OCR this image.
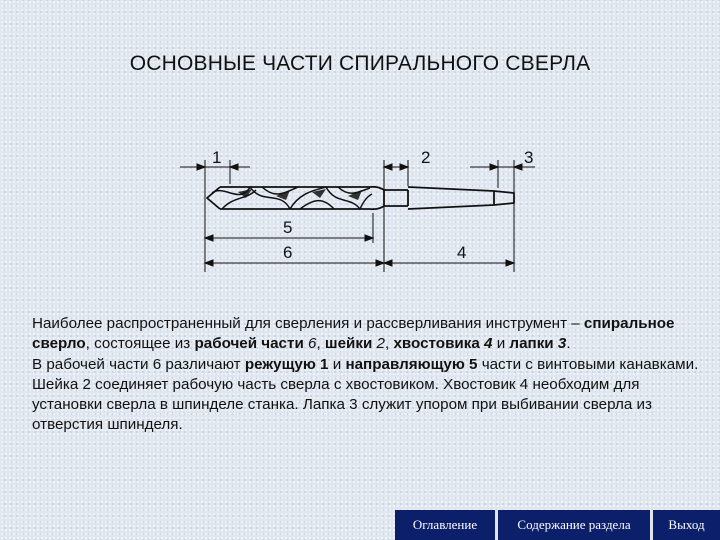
ОСНОВНЫЕ ЧАСТИ СПИРАЛЬНОГО СВЕРЛА
1	2	3
5
6	4

Наиболее распространенный для сверления и рассверливания инструмент – спиральное сверло, состоящее из рабочей части 6, шейки 2, хвостовика 4 и лапки 3.

В рабочей части 6 различают режущую 1 и направляющую 5 части с винтовыми канавками. Шейка 2 соединяет рабочую часть сверла с хвостовиком. Хвостовик 4 необходим для установки сверла в шпинделе станка. Лапка 3 служит упором при выбивании сверла из отверстия шпинделя.

Оглавление	Содержание раздела	Выход
